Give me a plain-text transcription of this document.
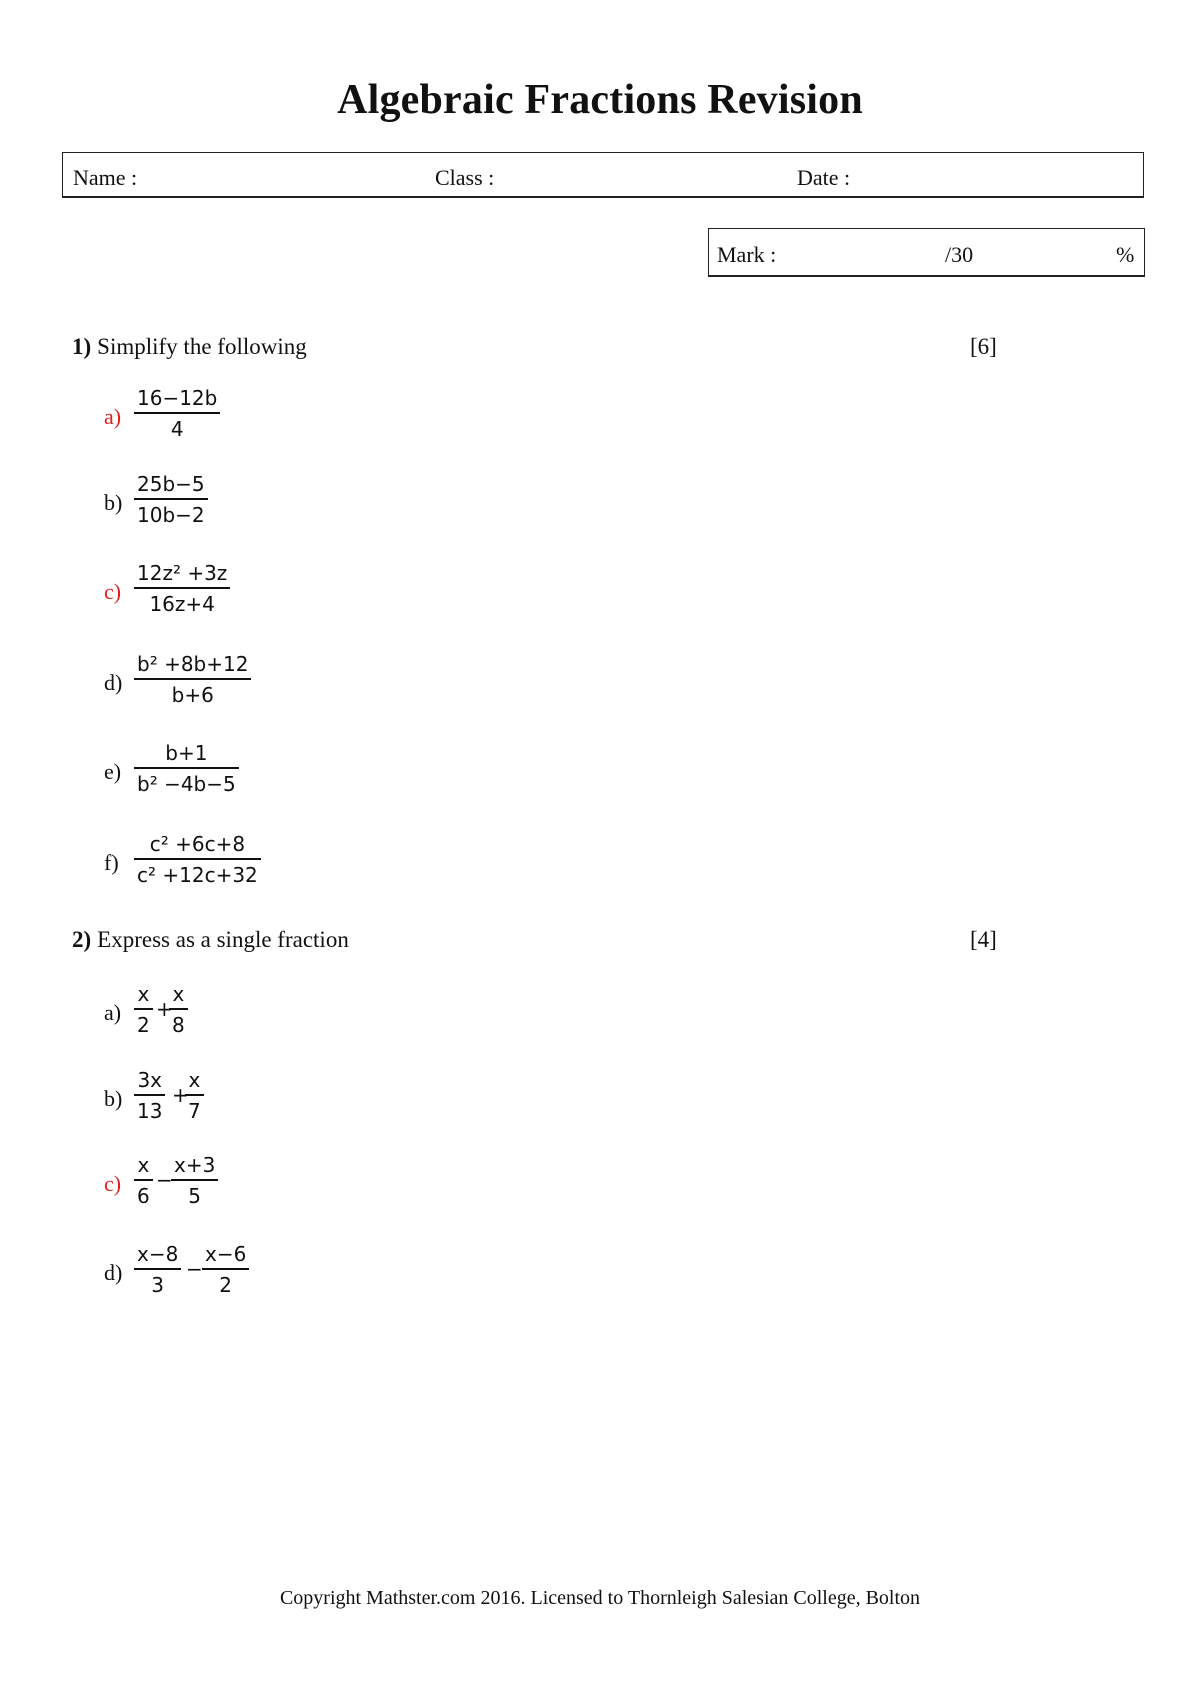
Algebraic Fractions Revision
Name :	Class :	Date :
Mark :	/30	%
1) Simplify the following	[6]
$a) \frac{16-12b}{4}$
$b) \frac{25b-5}{10b-2}$
$c) \frac{\text{12z² +3z}}{16z+4}$
$d) \frac{\text{b² +8b+12}}{b+6}$
$e) \frac{b+1}{\text{b² −4b−5}}$
$f) \frac{\text{c² +6c+8}}{\text{c² +12c+32}}$
2) Express as a single fraction	[4]
$a) \frac{x}{2}$ +
$\frac{x}{8}$
$b) \frac{3x}{13}$ +
$\frac{x}{7}$
$c) \frac{x}{6}$ −
$\frac{x+3}{5}$
$d) \frac{x-8}{3} - \frac{x-6}{2}$
Copyright Mathster.com 2016. Licensed to Thornleigh Salesian College, Bolton
